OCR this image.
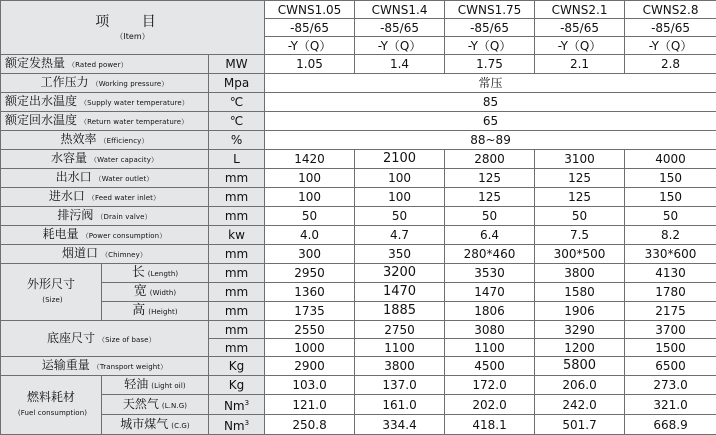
项 目
（Item）			CWNS1.05	CWNS1.4	CWNS1.75	CWNS2.1	CWNS2.8
			-85/65	-85/65	-85/65	-85/65	-85/65
			-Y（Q）	-Y（Q）	-Y（Q）	-Y（Q）	-Y（Q）
额定发热量 （Rated power）		MW	1.05	1.4	1.75	2.1	2.8
工作压力 （Working pressure）		Mpa	常压				
额定出水温度 （Supply water temperature）		℃	85				
额定回水温度 （Return water temperature）		℃	65				
热效率 （Efficiency）		%	88~89				
水容量 （Water capacity）		L	1420	2100	2800	3100	4000
出水口 （Water outlet）		mm	100	100	125	125	150
进水口 （Feed water inlet）		mm	100	100	125	125	150
排污阀 （Drain valve）		mm	50	50	50	50	50
耗电量 （Power consumption）		kw	4.0	4.7	6.4	7.5	8.2
烟道口 （Chimney）		mm	300	350	280*460	300*500	330*600

外形尺寸
(Size)	长 (Length)	mm	2950	3200	3530	3800	4130
	宽 (Width)	mm	1360	1470	1470	1580	1780
	高 (Height)	mm	1735	1885	1806	1906	2175
底座尺寸 （Size of base）		mm	2550	2750	3080	3290	3700
		mm	1000	1100	1100	1200	1500
运输重量 （Transport weight）		Kg	2900	3800	4500	5800	6500

燃料耗材
(Fuel consumption)	轻油 (Light oil)	Kg	103.0	137.0	172.0	206.0	273.0
	天然气 (L.N.G)	Nm$^3$	121.0	161.0	202.0	242.0	321.0
	城市煤气 (C.G)	Nm$^3$	250.8	334.4	418.1	501.7	668.9
